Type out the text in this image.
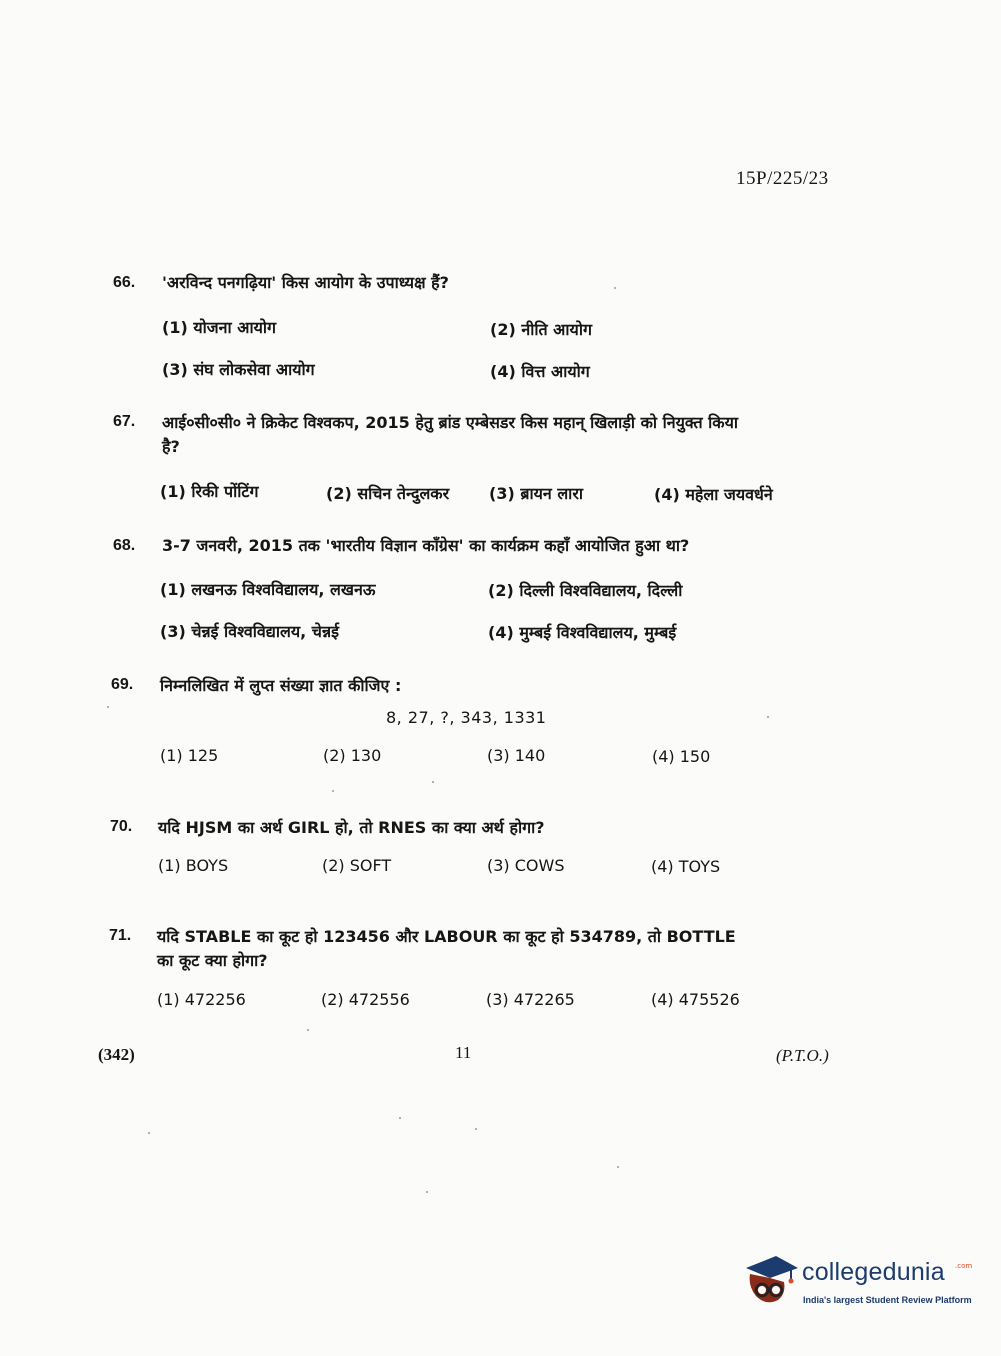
15P/225/23
66. 'अरविन्द पनगढ़िया' किस आयोग के उपाध्यक्ष हैं?
(1) योजना आयोग	(2) नीति आयोग
(3) संघ लोकसेवा आयोग	(4) वित्त आयोग
67. आई०सी०सी० ने क्रिकेट विश्वकप, 2015 हेतु ब्रांड एम्बेसडर किस महान् खिलाड़ी को नियुक्त किया
है?
(1) रिकी पोंटिंग	(2) सचिन तेन्दुलकर (3) ब्रायन लारा	(4) महेला जयवर्धने
68. 3-7 जनवरी, 2015 तक 'भारतीय विज्ञान काँग्रेस' का कार्यक्रम कहाँ आयोजित हुआ था?
(1) लखनऊ विश्वविद्यालय, लखनऊ	(2) दिल्ली विश्वविद्यालय, दिल्ली
(3) चेन्नई विश्वविद्यालय, चेन्नई	(4) मुम्बई विश्वविद्यालय, मुम्बई
69. निम्नलिखित में लुप्त संख्या ज्ञात कीजिए :
8, 27, ?, 343, 1331
(1) 125	(2) 130	(3) 140	(4) 150
70. यदि HJSM का अर्थ GIRL हो, तो RNES का क्या अर्थ होगा?
(1) BOYS	(2) SOFT	(3) COWS	(4) TOYS
71. यदि STABLE का कूट हो 123456 और LABOUR का कूट हो 534789, तो BOTTLE
का कूट क्या होगा?
(1) 472256	(2) 472556	(3) 472265	(4) 475526
(342)	11	(P.T.O.)
collegedunia .com
India's largest Student Review Platform
